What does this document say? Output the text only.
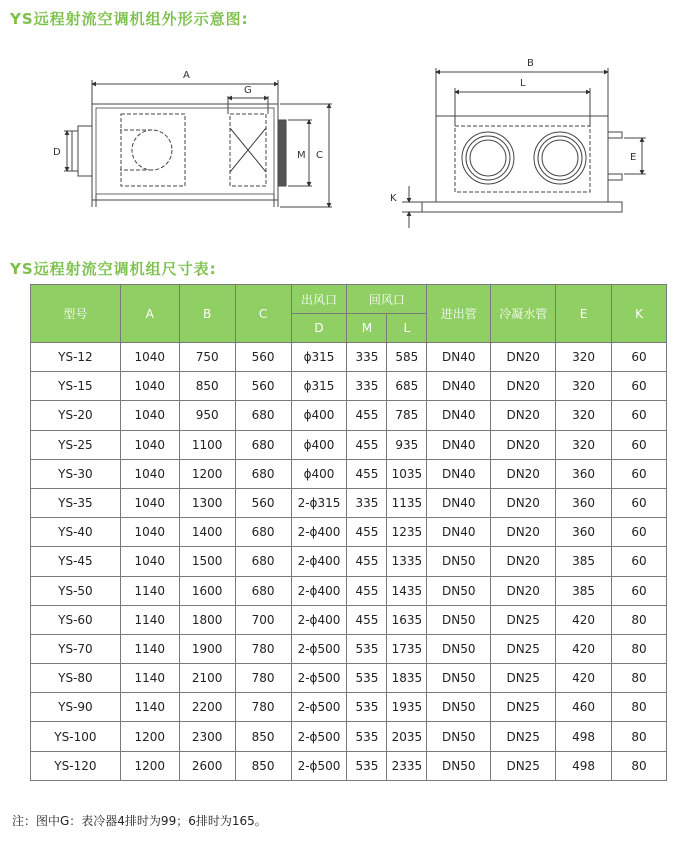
YS远程射流空调机组外形示意图:
A
G
D	M C
B
L
E
K
YS远程射流空调机组尺寸表:
型号	A	B	C	出风口	回风口		进出管	冷凝水管	E	K
				D	M	L				
YS-12	1040	750	560	ϕ315	335	585	DN40	DN20	320	60
YS-15	1040	850	560	ϕ315	335	685	DN40	DN20	320	60
YS-20	1040	950	680	ϕ400	455	785	DN40	DN20	320	60
YS-25	1040	1100	680	ϕ400	455	935	DN40	DN20	320	60
YS-30	1040	1200	680	ϕ400	455	1035	DN40	DN20	360	60
YS-35	1040	1300	560	2-ϕ315	335	1135	DN40	DN20	360	60
YS-40	1040	1400	680	2-ϕ400	455	1235	DN40	DN20	360	60
YS-45	1040	1500	680	2-ϕ400	455	1335	DN50	DN20	385	60
YS-50	1140	1600	680	2-ϕ400	455	1435	DN50	DN20	385	60
YS-60	1140	1800	700	2-ϕ400	455	1635	DN50	DN25	420	80
YS-70	1140	1900	780	2-ϕ500	535	1735	DN50	DN25	420	80
YS-80	1140	2100	780	2-ϕ500	535	1835	DN50	DN25	420	80
YS-90	1140	2200	780	2-ϕ500	535	1935	DN50	DN25	460	80
YS-100	1200	2300	850	2-ϕ500	535	2035	DN50	DN25	498	80
YS-120	1200	2600	850	2-ϕ500	535	2335	DN50	DN25	498	80
注：图中G：表冷器4排时为99；6排时为165。
